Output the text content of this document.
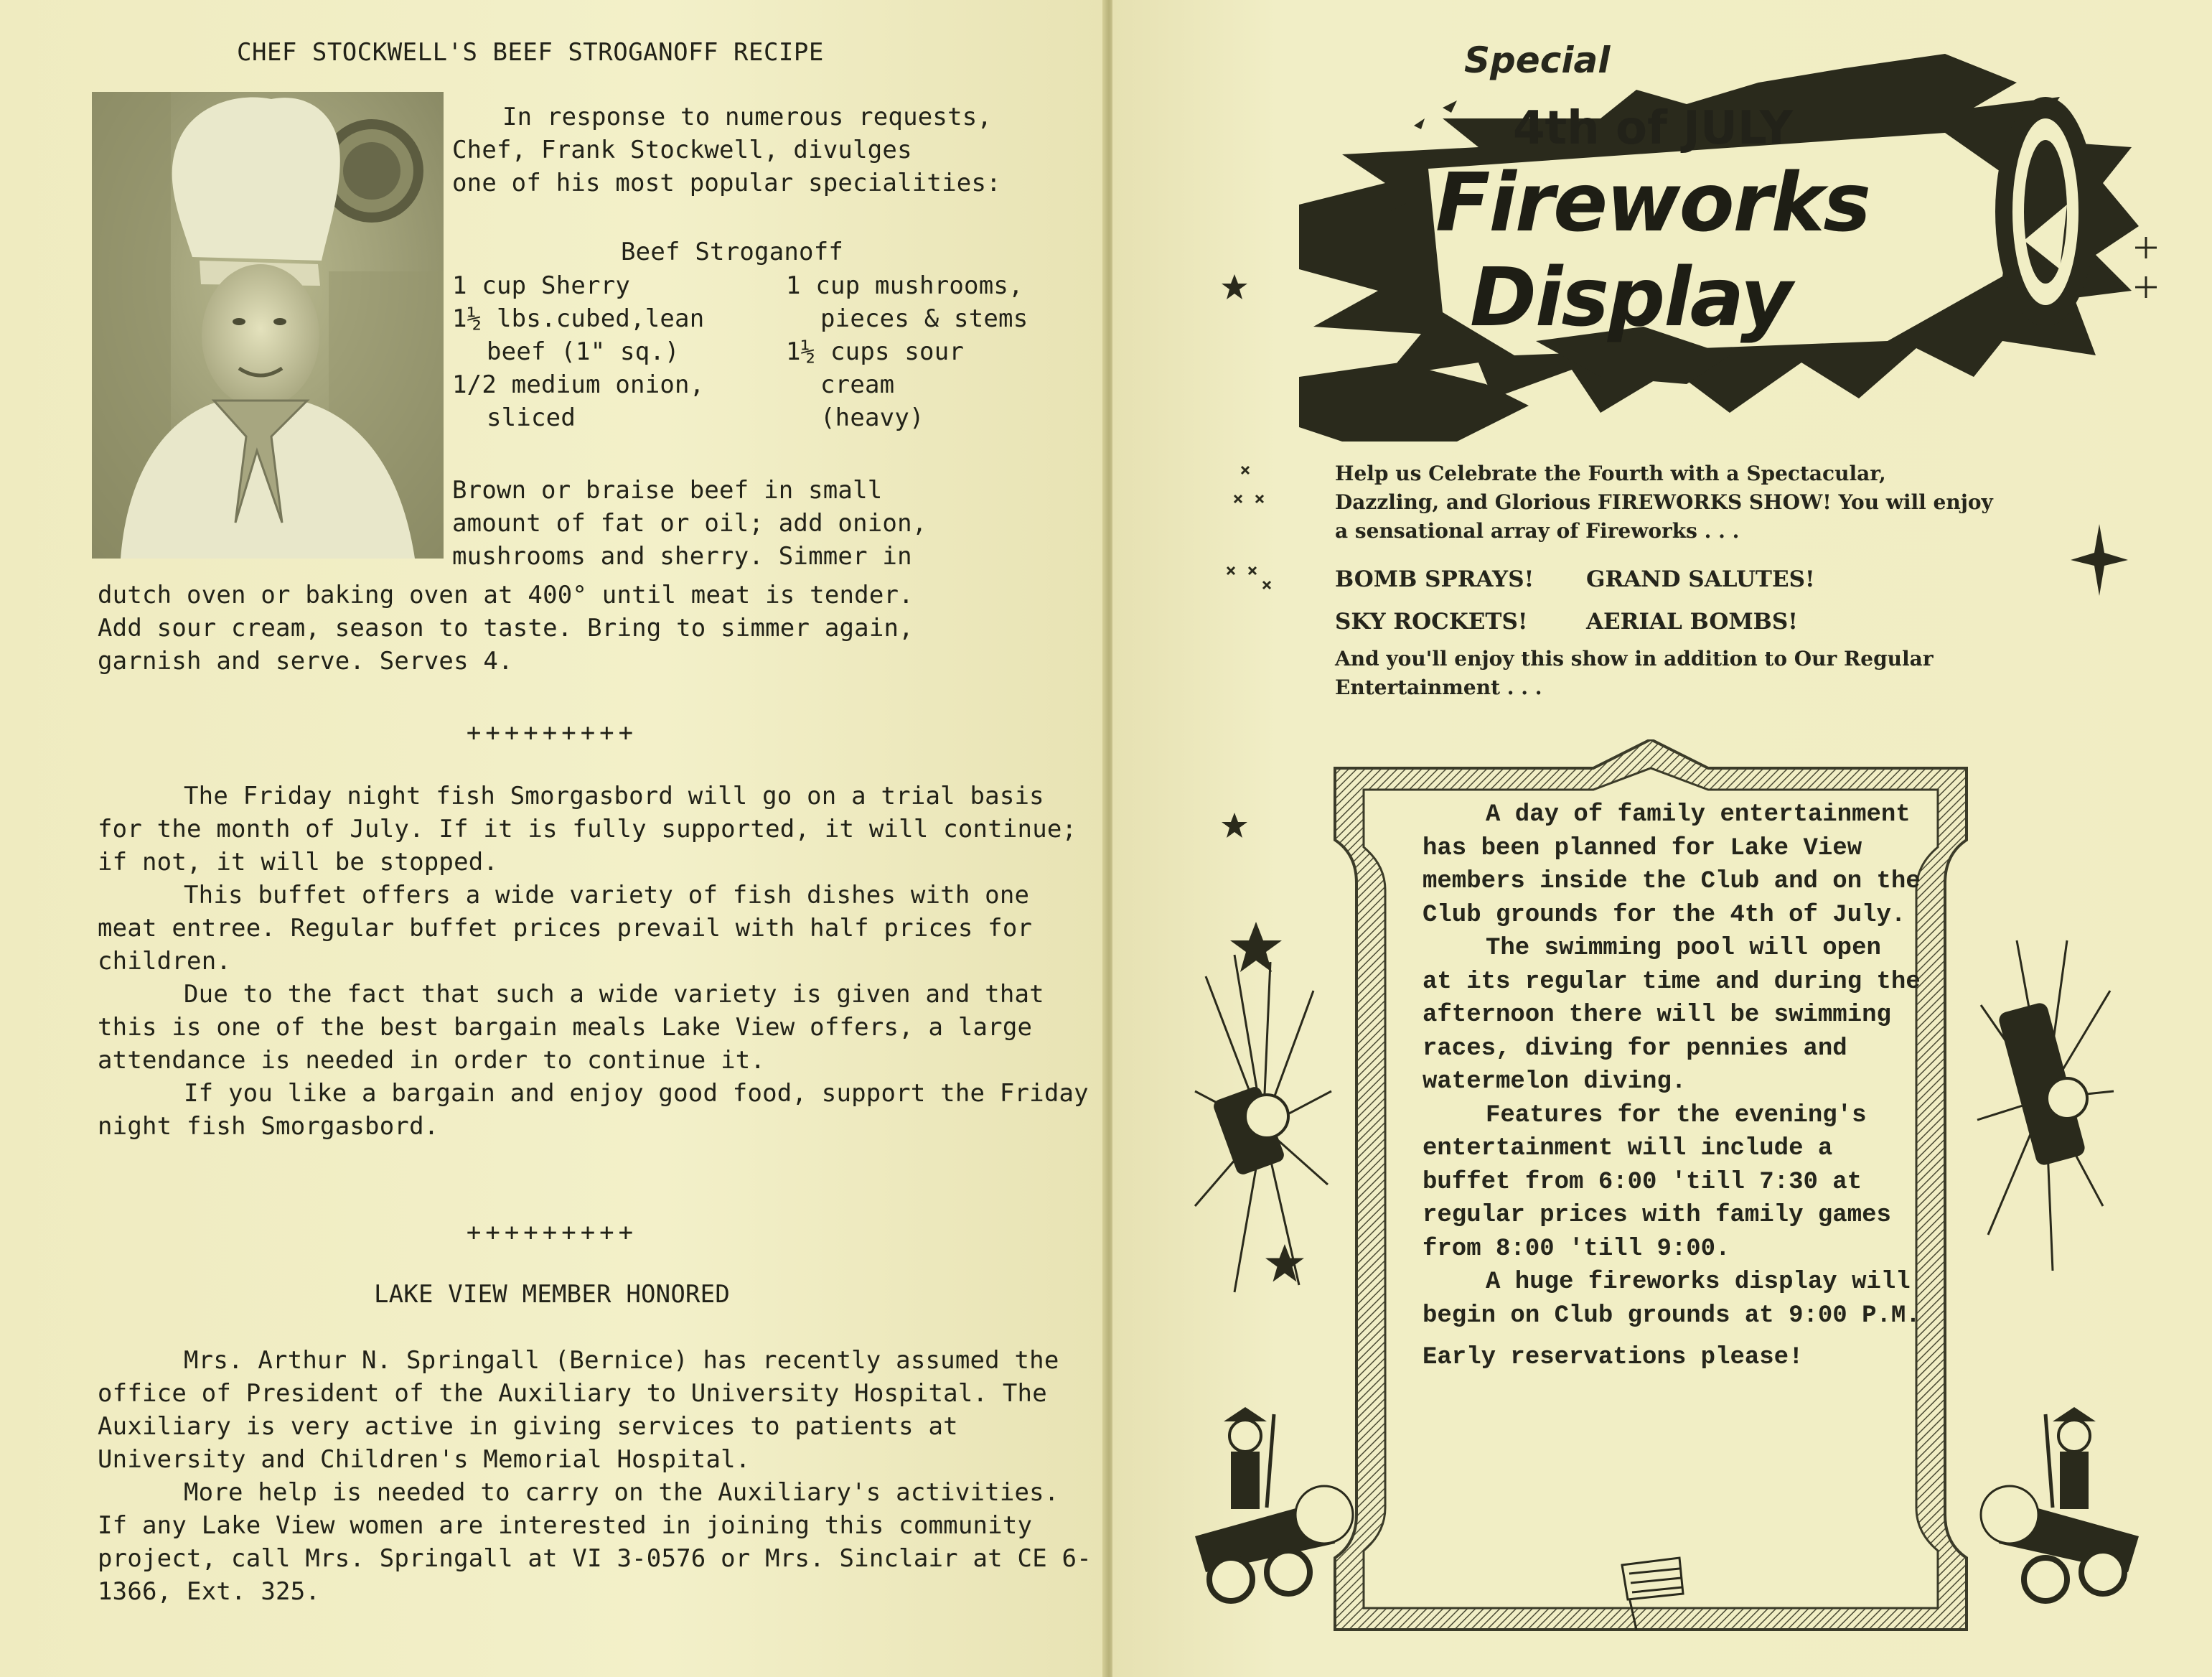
CHEF STOCKWELL'S BEEF STROGANOFF RECIPE
In response to numerous requests,
Chef, Frank Stockwell, divulges
one of his most popular specialities:
Beef Stroganoff
1 cup Sherry
1½ lbs.cubed,lean
beef (1" sq.)
1/2 medium onion,
sliced
1 cup mushrooms,
pieces & stems
1½ cups sour
cream
(heavy)
Brown or braise beef in small
amount of fat or oil; add onion,
mushrooms and sherry. Simmer in
dutch oven or baking oven at 400° until meat is tender.
Add sour cream, season to taste. Bring to simmer again,
garnish and serve. Serves 4.
+++++++++

The Friday night fish Smorgasbord will go on a trial basis for the month of July. If it is fully supported, it will continue; if not, it will be stopped.

This buffet offers a wide variety of fish dishes with one meat entree. Regular buffet prices prevail with half prices for children.

Due to the fact that such a wide variety is given and that this is one of the best bargain meals Lake View offers, a large attendance is needed in order to continue it.

If you like a bargain and enjoy good food, support the Friday night fish Smorgasbord.

+++++++++
LAKE VIEW MEMBER HONORED

Mrs. Arthur N. Springall (Bernice) has recently assumed the office of President of the Auxiliary to University Hospital. The Auxiliary is very active in giving services to patients at University and Children's Memorial Hospital.

More help is needed to carry on the Auxiliary's activities. If any Lake View women are interested in joining this community project, call Mrs. Springall at VI 3-0576 or Mrs. Sinclair at CE 6-1366, Ext. 325.

Special
4th of JULY
Fireworks
Display
Help us Celebrate the Fourth with a Spectacular, Dazzling, and Glorious FIREWORKS SHOW! You will enjoy a sensational array of Fireworks . . .
BOMB SPRAYS! GRAND SALUTES!
SKY ROCKETS!	AERIAL BOMBS!
And you'll enjoy this show in addition to Our Regular Entertainment . . .

A day of family entertainment has been planned for Lake View members inside the Club and on the Club grounds for the 4th of July.

The swimming pool will open at its regular time and during the afternoon there will be swimming races, diving for pennies and watermelon diving.

Features for the evening's entertainment will include a buffet from 6:00 'till 7:30 at regular prices with family games from 8:00 'till 9:00.

A huge fireworks display will begin on Club grounds at 9:00 P.M.

Early reservations please!
